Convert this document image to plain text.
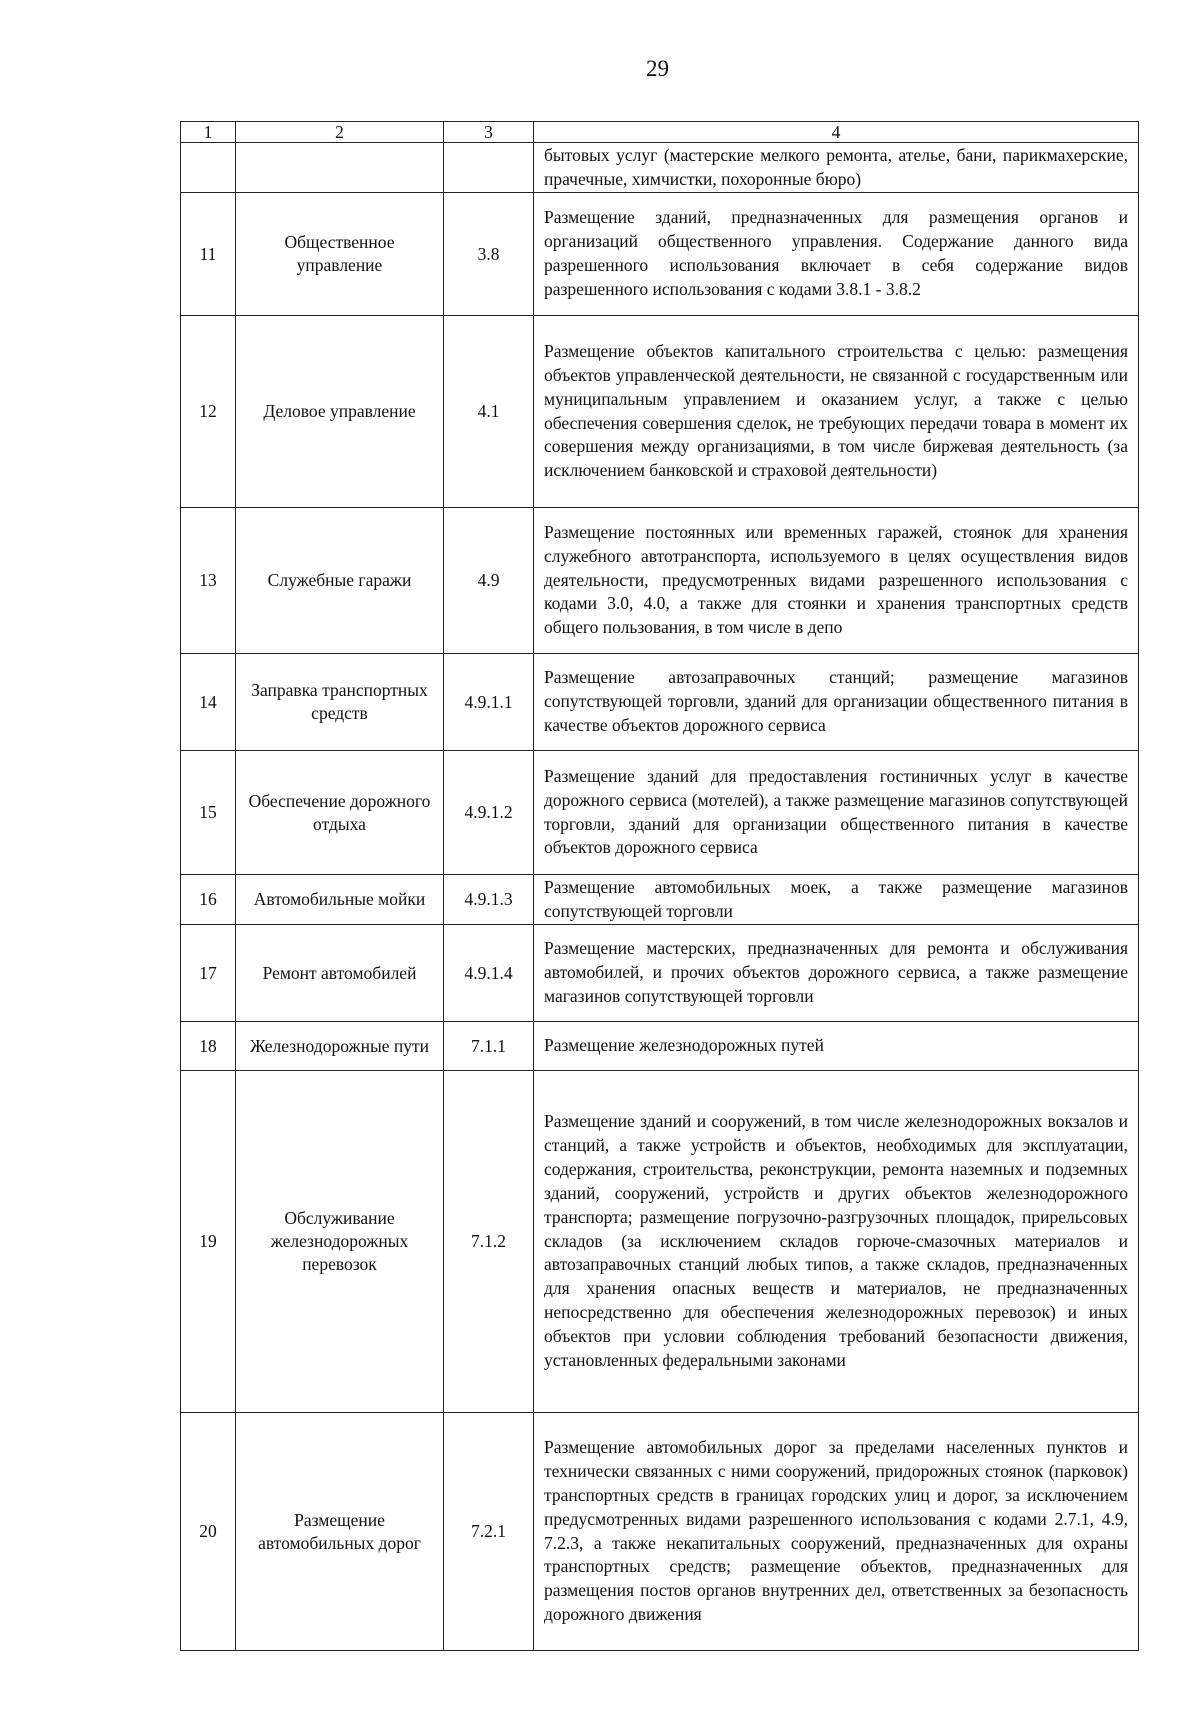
29
1	2	3	4
			бытовых услуг (мастерские мелкого ремонта, ателье, бани, парикмахерские, прачечные, химчистки, похоронные бюро)
11	Общественное управление	3.8	Размещение зданий, предназначенных для размещения органов и организаций общественного управления. Содержание данного вида разрешенного использования включает в себя содержание видов разрешенного использования с кодами 3.8.1 - 3.8.2
12	Деловое управление	4.1	Размещение объектов капитального строительства с целью: размещения объектов управленческой деятельности, не связанной с государственным или муниципальным управлением и оказанием услуг, а также с целью обеспечения совершения сделок, не требующих передачи товара в момент их совершения между организациями, в том числе биржевая деятельность (за исключением банковской и страховой деятельности)
13	Служебные гаражи	4.9	Размещение постоянных или временных гаражей, стоянок для хранения служебного автотранспорта, используемого в целях осуществления видов деятельности, предусмотренных видами разрешенного использования с кодами 3.0, 4.0, а также для стоянки и хранения транспортных средств общего пользования, в том числе в депо
14	Заправка транспортных средств	4.9.1.1	Размещение автозаправочных станций; размещение магазинов сопутствующей торговли, зданий для организации общественного питания в качестве объектов дорожного сервиса
15	Обеспечение дорожного отдыха	4.9.1.2	Размещение зданий для предоставления гостиничных услуг в качестве дорожного сервиса (мотелей), а также размещение магазинов сопутствующей торговли, зданий для организации общественного питания в качестве объектов дорожного сервиса
16	Автомобильные мойки	4.9.1.3	Размещение автомобильных моек, а также размещение магазинов сопутствующей торговли
17	Ремонт автомобилей	4.9.1.4	Размещение мастерских, предназначенных для ремонта и обслуживания автомобилей, и прочих объектов дорожного сервиса, а также размещение магазинов сопутствующей торговли
18	Железнодорожные пути	7.1.1	Размещение железнодорожных путей
19	Обслуживание железнодорожных перевозок	7.1.2	Размещение зданий и сооружений, в том числе железнодорожных вокзалов и станций, а также устройств и объектов, необходимых для эксплуатации, содержания, строительства, реконструкции, ремонта наземных и подземных зданий, сооружений, устройств и других объектов железнодорожного транспорта; размещение погрузочно-разгрузочных площадок, прирельсовых складов (за исключением складов горюче-смазочных материалов и автозаправочных станций любых типов, а также складов, предназначенных для хранения опасных веществ и материалов, не предназначенных непосредственно для обеспечения железнодорожных перевозок) и иных объектов при условии соблюдения требований безопасности движения, установленных федеральными законами
20	Размещение автомобильных дорог	7.2.1	Размещение автомобильных дорог за пределами населенных пунктов и технически связанных с ними сооружений, придорожных стоянок (парковок) транспортных средств в границах городских улиц и дорог, за исключением предусмотренных видами разрешенного использования с кодами 2.7.1, 4.9, 7.2.3, а также некапитальных сооружений, предназначенных для охраны транспортных средств; размещение объектов, предназначенных для размещения постов органов внутренних дел, ответственных за безопасность дорожного движения
